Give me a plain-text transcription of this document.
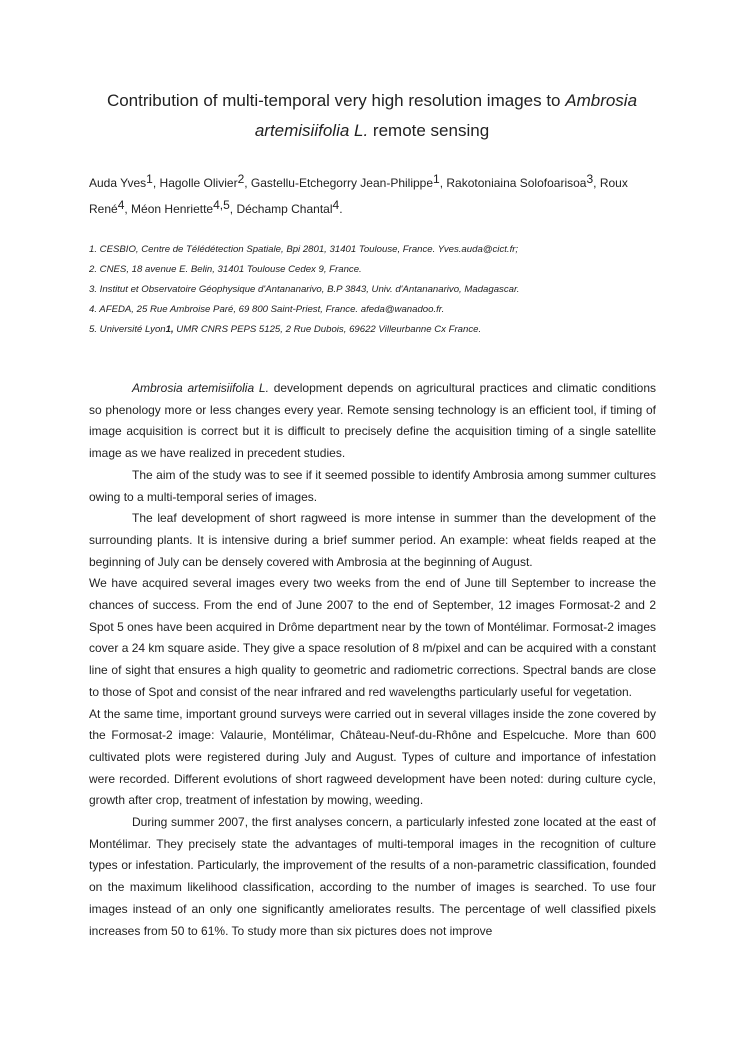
Contribution of multi-temporal very high resolution images to Ambrosia artemisiifolia L. remote sensing
Auda Yves$^1$, Hagolle Olivier$^2$, Gastellu-Etchegorry Jean-Philippe$^1$, Rakotoniaina Solofoarisoa$^3$, Roux René$^4$, Méon Henriette$^{4,5}$, Déchamp Chantal$^4$.
1. CESBIO, Centre de Télédétection Spatiale, Bpi 2801, 31401 Toulouse, France. Yves.auda@cict.fr;
2. CNES, 18 avenue E. Belin, 31401 Toulouse Cedex 9, France.
3. Institut et Observatoire Géophysique d'Antananarivo, B.P 3843, Univ. d'Antananarivo, Madagascar.
4. AFEDA, 25 Rue Ambroise Paré, 69 800 Saint-Priest, France. afeda@wanadoo.fr.
5. Université Lyon1, UMR CNRS PEPS 5125, 2 Rue Dubois, 69622 Villeurbanne Cx France.

Ambrosia artemisiifolia L. development depends on agricultural practices and climatic conditions so phenology more or less changes every year. Remote sensing technology is an efficient tool, if timing of image acquisition is correct but it is difficult to precisely define the acquisition timing of a single satellite image as we have realized in precedent studies.

The aim of the study was to see if it seemed possible to identify Ambrosia among summer cultures owing to a multi-temporal series of images.

The leaf development of short ragweed is more intense in summer than the development of the surrounding plants. It is intensive during a brief summer period. An example: wheat fields reaped at the beginning of July can be densely covered with Ambrosia at the beginning of August.

We have acquired several images every two weeks from the end of June till September to increase the chances of success. From the end of June 2007 to the end of September, 12 images Formosat-2 and 2 Spot 5 ones have been acquired in Drôme department near by the town of Montélimar. Formosat-2 images cover a 24 km square aside. They give a space resolution of 8 m/pixel and can be acquired with a constant line of sight that ensures a high quality to geometric and radiometric corrections. Spectral bands are close to those of Spot and consist of the near infrared and red wavelengths particularly useful for vegetation.

At the same time, important ground surveys were carried out in several villages inside the zone covered by the Formosat-2 image: Valaurie, Montélimar, Château-Neuf-du-Rhône and Espelcuche. More than 600 cultivated plots were registered during July and August. Types of culture and importance of infestation were recorded. Different evolutions of short ragweed development have been noted: during culture cycle, growth after crop, treatment of infestation by mowing, weeding.

During summer 2007, the first analyses concern, a particularly infested zone located at the east of Montélimar. They precisely state the advantages of multi-temporal images in the recognition of culture types or infestation. Particularly, the improvement of the results of a non-parametric classification, founded on the maximum likelihood classification, according to the number of images is searched. To use four images instead of an only one significantly ameliorates results. The percentage of well classified pixels increases from 50 to 61%. To study more than six pictures does not improve
